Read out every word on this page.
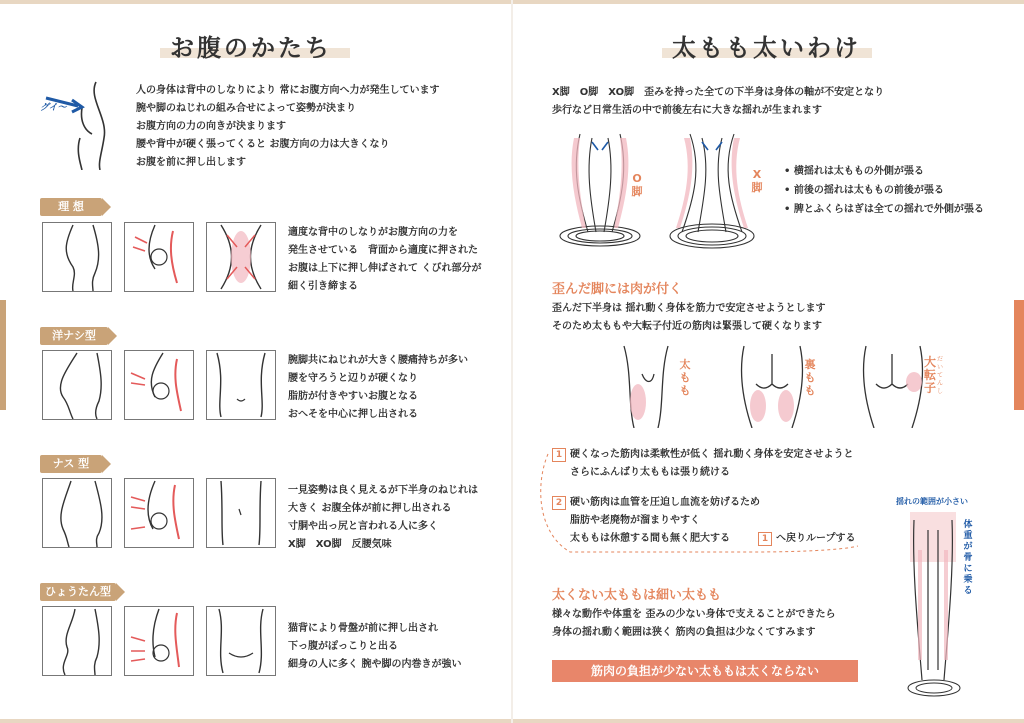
お腹のかたち
グイ〜
人の身体は背中のしなりにより 常にお腹方向へ力が発生しています
腕や脚のねじれの組み合せによって姿勢が決まり
お腹方向の力の向きが決まります
腰や背中が硬く張ってくると お腹方向の力は大きくなり
お腹を前に押し出します
理 想
適度な背中のしなりがお腹方向の力を
発生させている　背面から適度に押された
お腹は上下に押し伸ばされて くびれ部分が
細く引き締まる
洋ナシ型
腕脚共にねじれが大きく腰痛持ちが多い
腰を守ろうと辺りが硬くなり
脂肪が付きやすいお腹となる
おへそを中心に押し出される
ナス 型
一見姿勢は良く見えるが下半身のねじれは
大きく お腹全体が前に押し出される
寸胴や出っ尻と言われる人に多く
X脚　XO脚　反腰気味
ひょうたん型
猫背により骨盤が前に押し出され
下っ腹がぽっこりと出る
細身の人に多く 腕や脚の内巻きが強い
太もも太いわけ
X脚　O脚　XO脚　歪みを持った全ての下半身は身体の軸が不安定となり
歩行など日常生活の中で前後左右に大きな揺れが生まれます
O脚
X脚
• 横揺れは太ももの外側が張る
• 前後の揺れは太ももの前後が張る
• 脾とふくらはぎは全ての揺れで外側が張る
歪んだ脚には肉が付く
歪んだ下半身は 揺れ動く身体を筋力で安定させようとします
そのため太ももや大転子付近の筋肉は緊張して硬くなります
太もも
裏もも
大転子
だいてんし
1 硬くなった筋肉は柔軟性が低く 揺れ動く身体を安定させようと
さらにふんばり太ももは張り続ける
2 硬い筋肉は血管を圧迫し血流を妨げるため
脂肪や老廃物が溜まりやすく
太ももは休憩する間も無く肥大する	1 へ戻りループする
揺れの範囲が小さい
体重が骨に乗る
太くない太ももは細い太もも
様々な動作や体重を 歪みの少ない身体で支えることができたら
身体の揺れ動く範囲は狭く 筋肉の負担は少なくてすみます
筋肉の負担が少ない太ももは太くならない
